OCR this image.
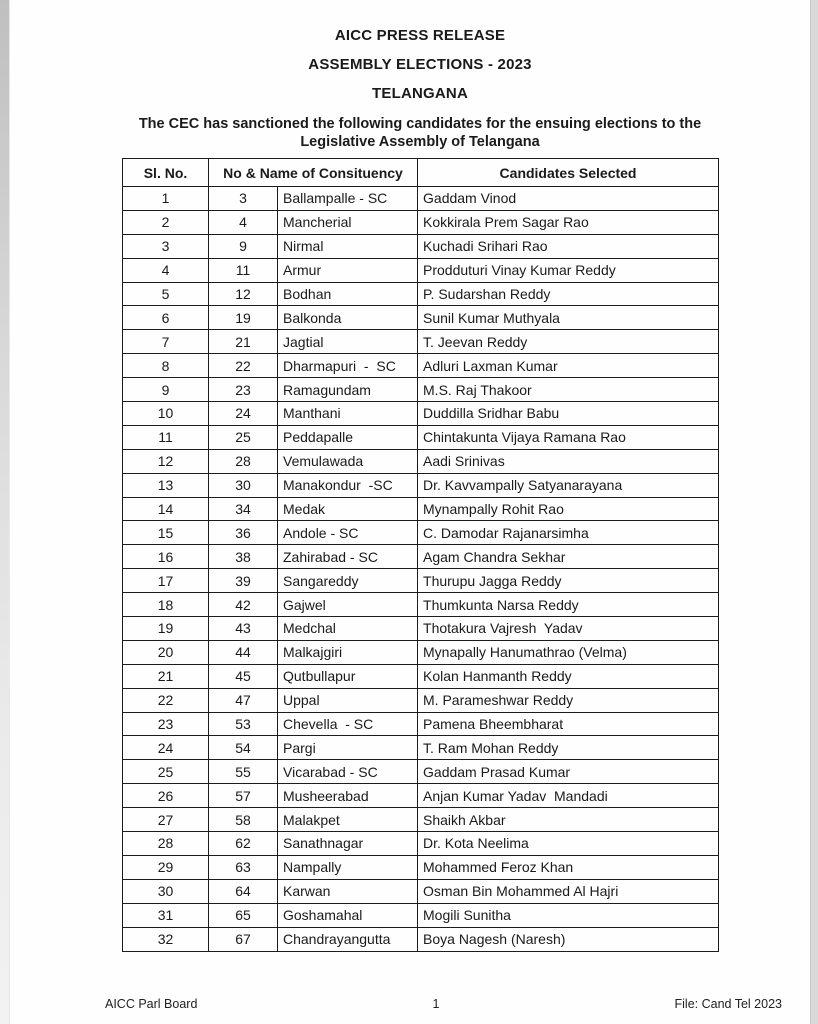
AICC PRESS RELEASE

ASSEMBLY ELECTIONS - 2023

TELANGANA

The CEC has sanctioned the following candidates for the ensuing elections to the Legislative Assembly of Telangana

Sl. No.	No & Name of Consituency		Candidates Selected
1	3	Ballampalle - SC	Gaddam Vinod
2	4	Mancherial	Kokkirala Prem Sagar Rao
3	9	Nirmal	Kuchadi Srihari Rao
4	11	Armur	Prodduturi Vinay Kumar Reddy
5	12	Bodhan	P. Sudarshan Reddy
6	19	Balkonda	Sunil Kumar Muthyala
7	21	Jagtial	T. Jeevan Reddy
8	22	Dharmapuri  -  SC	Adluri Laxman Kumar
9	23	Ramagundam	M.S. Raj Thakoor
10	24	Manthani	Duddilla Sridhar Babu
11	25	Peddapalle	Chintakunta Vijaya Ramana Rao
12	28	Vemulawada	Aadi Srinivas
13	30	Manakondur  -SC	Dr. Kavvampally Satyanarayana
14	34	Medak	Mynampally Rohit Rao
15	36	Andole - SC	C. Damodar Rajanarsimha
16	38	Zahirabad - SC	Agam Chandra Sekhar
17	39	Sangareddy	Thurupu Jagga Reddy
18	42	Gajwel	Thumkunta Narsa Reddy
19	43	Medchal	Thotakura Vajresh  Yadav
20	44	Malkajgiri	Mynapally Hanumathrao (Velma)
21	45	Qutbullapur	Kolan Hanmanth Reddy
22	47	Uppal	M. Parameshwar Reddy
23	53	Chevella  - SC	Pamena Bheembharat
24	54	Pargi	T. Ram Mohan Reddy
25	55	Vicarabad - SC	Gaddam Prasad Kumar
26	57	Musheerabad	Anjan Kumar Yadav  Mandadi
27	58	Malakpet	Shaikh Akbar
28	62	Sanathnagar	Dr. Kota Neelima
29	63	Nampally	Mohammed Feroz Khan
30	64	Karwan	Osman Bin Mohammed Al Hajri
31	65	Goshamahal	Mogili Sunitha
32	67	Chandrayangutta	Boya Nagesh (Naresh)
AICC Parl Board	1	File: Cand Tel 2023
